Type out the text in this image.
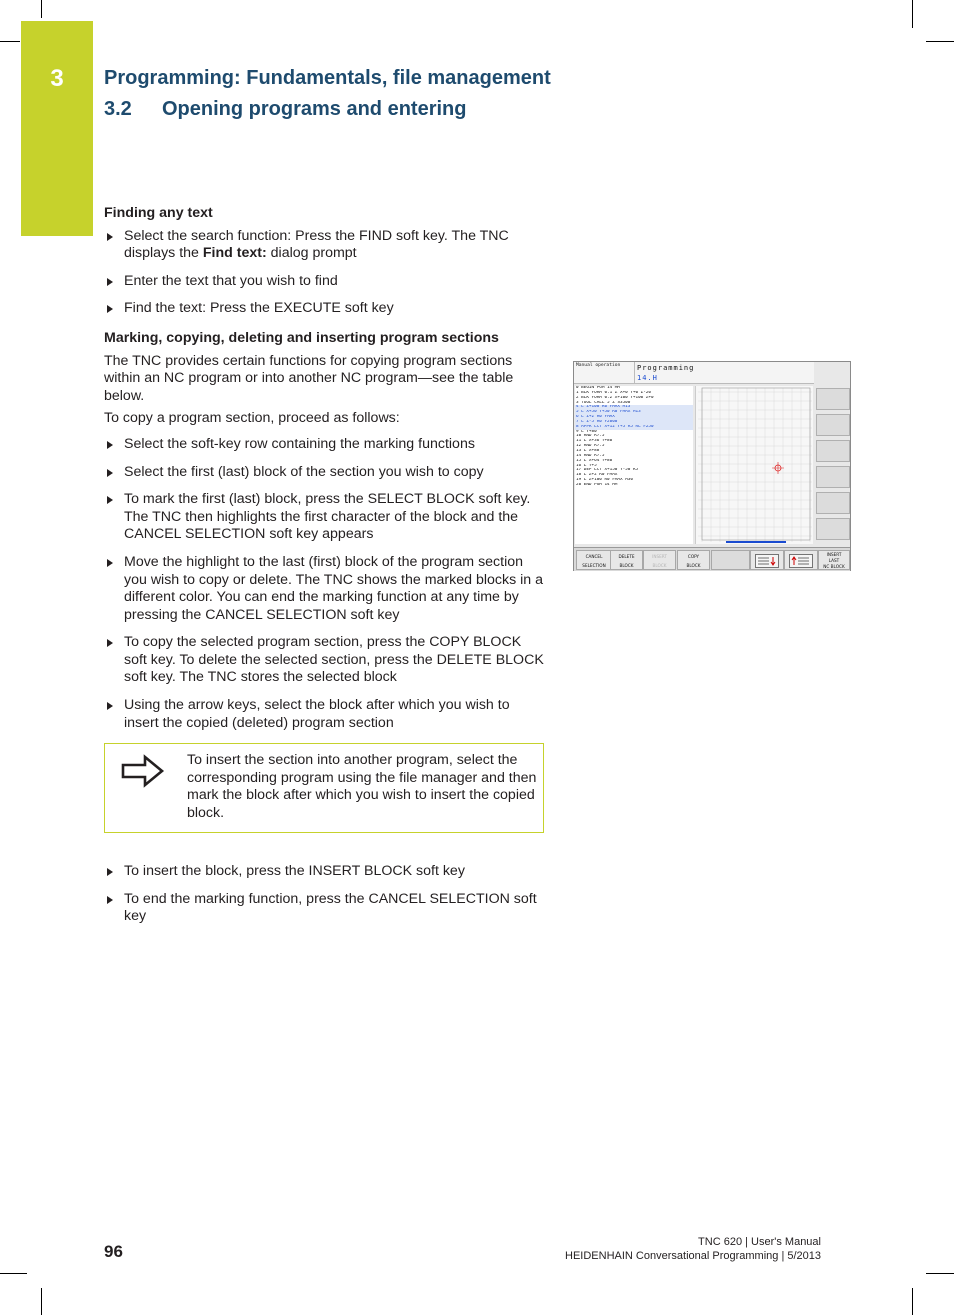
3	Programming: Fundamentals, file management
3.2 Opening programs and entering
Finding any text
Select the search function: Press the FIND soft key. The TNC displays the Find text: dialog prompt
Enter the text that you wish to find
Find the text: Press the EXECUTE soft key
Marking, copying, deleting and inserting program sections
The TNC provides certain functions for copying program sections within an NC program or into another NC program—see the table below.
To copy a program section, proceed as follows:
Select the soft-key row containing the marking functions
Select the first (last) block of the section you wish to copy
To mark the first (last) block, press the SELECT BLOCK soft key. The TNC then highlights the first character of the block and the CANCEL SELECTION soft key appears
Move the highlight to the last (first) block of the program section you wish to copy or delete. The TNC shows the marked blocks in a different color. You can end the marking function at any time by pressing the CANCEL SELECTION soft key
To copy the selected program section, press the COPY BLOCK soft key. To delete the selected section, press the DELETE BLOCK soft key. The TNC stores the selected block
Using the arrow keys, select the block after which you wish to insert the copied (deleted) program section
To insert the section into another program, select the corresponding program using the file manager and then mark the block after which you wish to insert the copied block.
To insert the block, press the INSERT BLOCK soft key
To end the marking function, press the CANCEL SELECTION soft key
Manual operation Programming
14.H
0 BEGIN PGM 14 MM
1 BLK FORM 0.1 Z X+0 Y+0 Z-20
2 BLK FORM 0.2 X+100 Y+100 Z+0
3 TOOL CALL 5 Z S3500
4 L Z+100 R0 FMAX M13
5 L X+50 Y+50 R0 FMAX M13
6 L Z+2 R0 FMAX
7 L Z-5 R0 F2000
8 APPR LCT X+12 Y+5 R5 RL F250
9 L Y+80
10 RND R7.5
11 L X+36 Y+80
12 RND R7.5
13 L X+88
14 RND R7.5
15 L X+64 Y+80
16 L Y+5
17 DEP LCT X+150 Y-50 R5
18 L Z+2 R0 FMAX
19 L Z+100 R0 FMAX M30
20 END PGM 14 MM
CANCEL
SELECTION
DELETE
BLOCK
INSERT
BLOCK
COPY
BLOCK
INSERT
LAST
NC BLOCK
96	TNC 620 | User's Manual
HEIDENHAIN Conversational Programming | 5/2013
